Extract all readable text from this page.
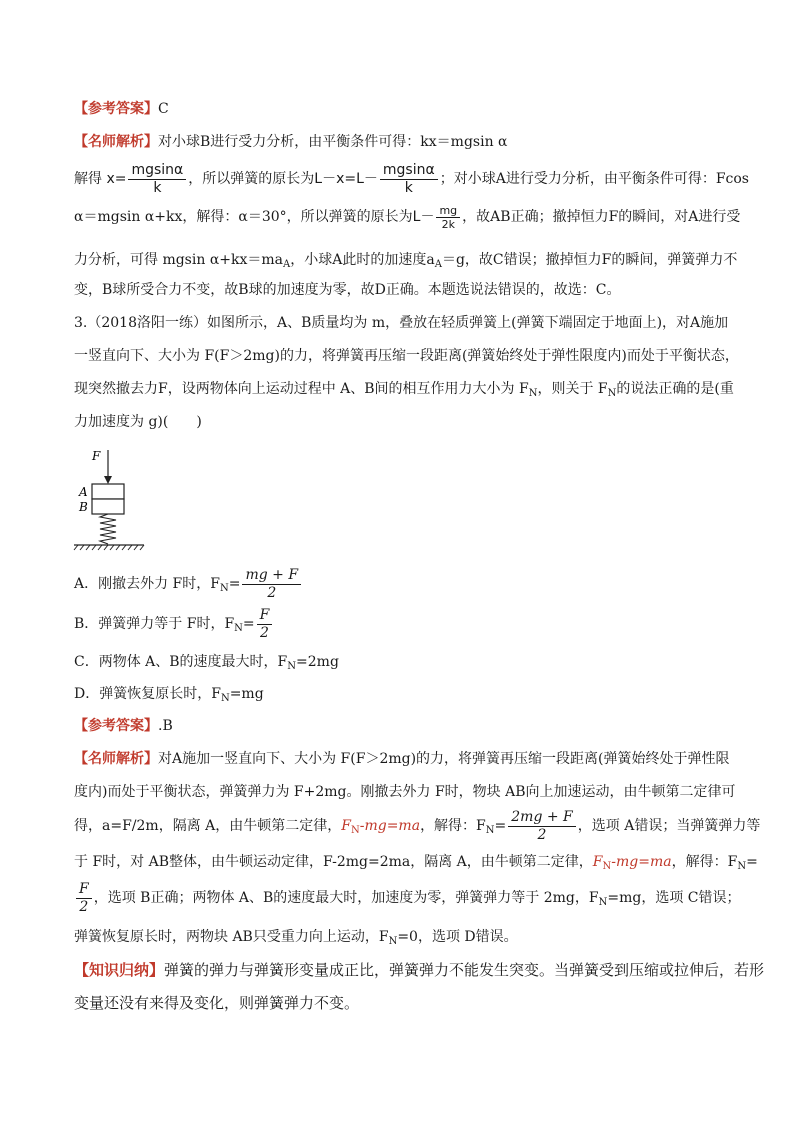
【参考答案】C
【名师解析】对小球B进行受力分析，由平衡条件可得：kx＝mgsin α
解得 $x= \frac{mgsin\alpha}{k}$ ，所以弹簧的原长为$L-x=L- \frac{mgsin\alpha}{k}$ ；对小球A进行受力分析，由平衡条件可得：Fcos
α＝mgsin α+kx，解得：α＝30°，所以弹簧的原长为$L- \frac{mg}{2k}$ ，故AB正确；撤掉恒力F的瞬间，对A进行受
力分析，可得 mgsin $\alpha+kx=ma_A$，小球A此时的加速度$a_A=g$，故C错误；撤掉恒力F的瞬间，弹簧弹力不
变，B球所受合力不变，故B球的加速度为零，故D正确。本题选说法错误的，故选：C。
3.（2018洛阳一练）如图所示，A、B质量均为 m，叠放在轻质弹簧上(弹簧下端固定于地面上)，对A施加
一竖直向下、大小为 F(F＞2mg)的力，将弹簧再压缩一段距离(弹簧始终处于弹性限度内)而处于平衡状态，
现突然撤去力F，设两物体向上运动过程中 A、B间的相互作用力大小为 $F_N$，则关于 $F_N$的说法正确的是(重
力加速度为 g)(　　)
F
A
B
A．刚撤去外力 F时，$F_N= \frac{mg + F}{2}$
B．弹簧弹力等于 F时，$F_N= \frac{F}{2}$
C．两物体 A、B的速度最大时，$F_N=2mg$
D．弹簧恢复原长时，$F_N=mg$
【参考答案】.B
【名师解析】对A施加一竖直向下、大小为 F(F＞2mg)的力，将弹簧再压缩一段距离(弹簧始终处于弹性限
度内)而处于平衡状态，弹簧弹力为 F+2mg。刚撤去外力 F时，物块 AB向上加速运动，由牛顿第二定律可
得，a=F/2m，隔离 A，由牛顿第二定律，$F_N-mg=ma$，解得：$F_N= \frac{2mg + F}{2}$ ，选项 A错误；当弹簧弹力等
于 F时，对 AB整体，由牛顿运动定律，F-2mg=2ma，隔离 A，由牛顿第二定律，$F_N-mg=ma$，解得：$F_N=$
$\frac{F}{2}$ ，选项 B正确；两物体 A、B的速度最大时，加速度为零，弹簧弹力等于 2mg，$F_N=mg$，选项 C错误；
弹簧恢复原长时，两物块 AB只受重力向上运动，$F_N=0$，选项 D错误。
【知识归纳】弹簧的弹力与弹簧形变量成正比，弹簧弹力不能发生突变。当弹簧受到压缩或拉伸后，若形
变量还没有来得及变化，则弹簧弹力不变。
